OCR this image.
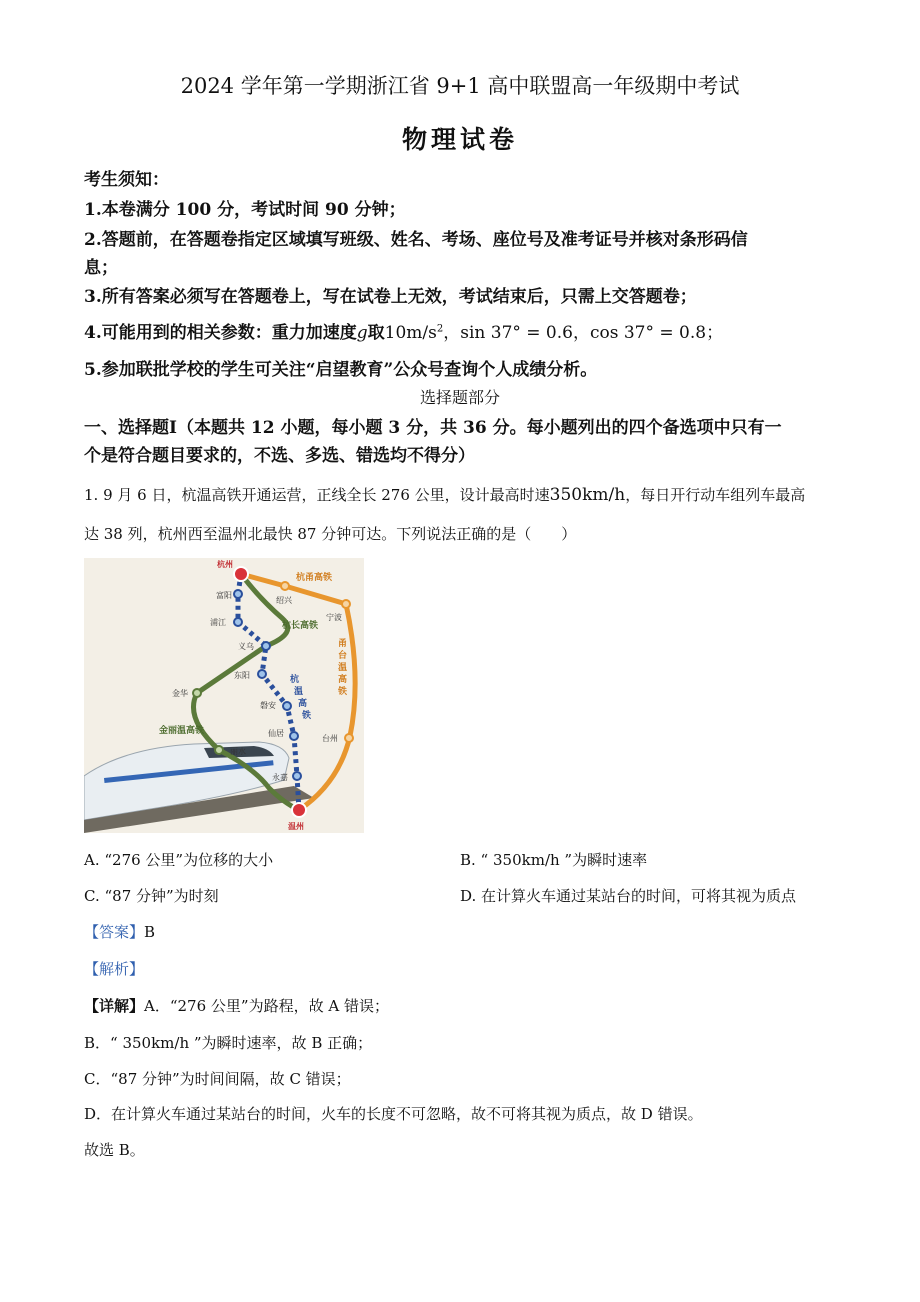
2024 学年第一学期浙江省 9+1 高中联盟高一年级期中考试
物理试卷
考生须知：
1.本卷满分 100 分，考试时间 90 分钟；
2.答题前，在答题卷指定区域填写班级、姓名、考场、座位号及准考证号并核对条形码信
息；
3.所有答案必须写在答题卷上，写在试卷上无效，考试结束后，只需上交答题卷；
4.可能用到的相关参数：重力加速度g取$10m/s^2$，sin 37° = 0.6，cos 37° = 0.8；
5.参加联批学校的学生可关注“启望教育”公众号查询个人成绩分析。
选择题部分
一、选择题Ⅰ（本题共 12 小题，每小题 3 分，共 36 分。每小题列出的四个备选项中只有一
个是符合题目要求的，不选、多选、错选均不得分）
1. 9 月 6 日，杭温高铁开通运营，正线全长 276 公里，设计最高时速350km/h，每日开行动车组列车最高
达 38 列，杭州西至温州北最快 87 分钟可达。下列说法正确的是（　　）
杭州
绍兴
宁波
富阳
浦江
义乌
东阳
磐安
仙居
永嘉
温州
金华
丽水
台州
杭甬高铁
杭长高铁
金丽温高铁
杭
温
高
铁
甬
台
温
高
铁
A. “276 公里”为位移的大小	B. “ 350km/h ”为瞬时速率
C. “87 分钟”为时刻	D. 在计算火车通过某站台的时间，可将其视为质点
【答案】B
【解析】
【详解】A．“276 公里”为路程，故 A 错误；
B．“ 350km/h ”为瞬时速率，故 B 正确；
C．“87 分钟”为时间间隔，故 C 错误；
D．在计算火车通过某站台的时间，火车的长度不可忽略，故不可将其视为质点，故 D 错误。
故选 B。
